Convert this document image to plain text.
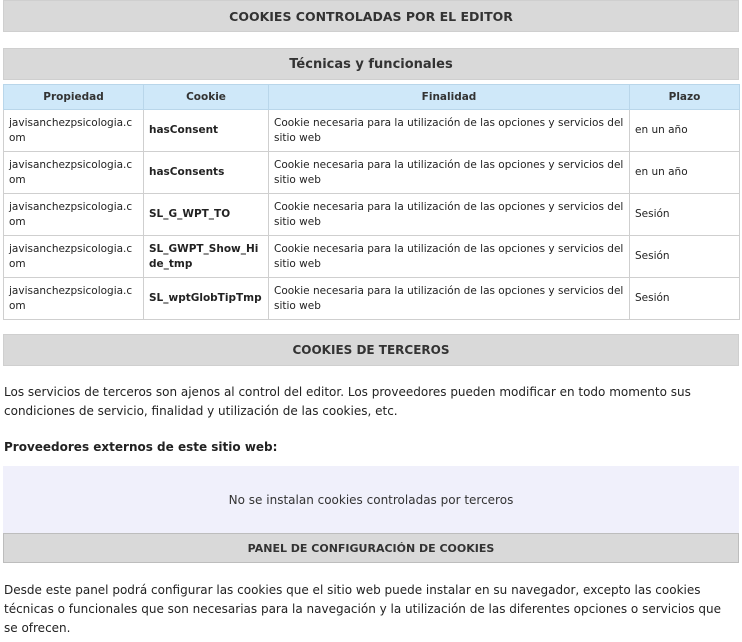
COOKIES CONTROLADAS POR EL EDITOR
Técnicas y funcionales
Propiedad	Cookie	Finalidad	Plazo
javisanchezpsicologia.com	hasConsent	Cookie necesaria para la utilización de las opciones y servicios del sitio web	en un año
javisanchezpsicologia.com	hasConsents	Cookie necesaria para la utilización de las opciones y servicios del sitio web	en un año
javisanchezpsicologia.com	SL_G_WPT_TO	Cookie necesaria para la utilización de las opciones y servicios del sitio web	Sesión
javisanchezpsicologia.com	SL_GWPT_Show_Hide_tmp	Cookie necesaria para la utilización de las opciones y servicios del sitio web	Sesión
javisanchezpsicologia.com	SL_wptGlobTipTmp	Cookie necesaria para la utilización de las opciones y servicios del sitio web	Sesión
COOKIES DE TERCEROS

Los servicios de terceros son ajenos al control del editor. Los proveedores pueden modificar en todo momento sus condiciones de servicio, finalidad y utilización de las cookies, etc.

Proveedores externos de este sitio web:
No se instalan cookies controladas por terceros
PANEL DE CONFIGURACIÓN DE COOKIES

Desde este panel podrá configurar las cookies que el sitio web puede instalar en su navegador, excepto las cookies técnicas o funcionales que son necesarias para la navegación y la utilización de las diferentes opciones o servicios que se ofrecen.
